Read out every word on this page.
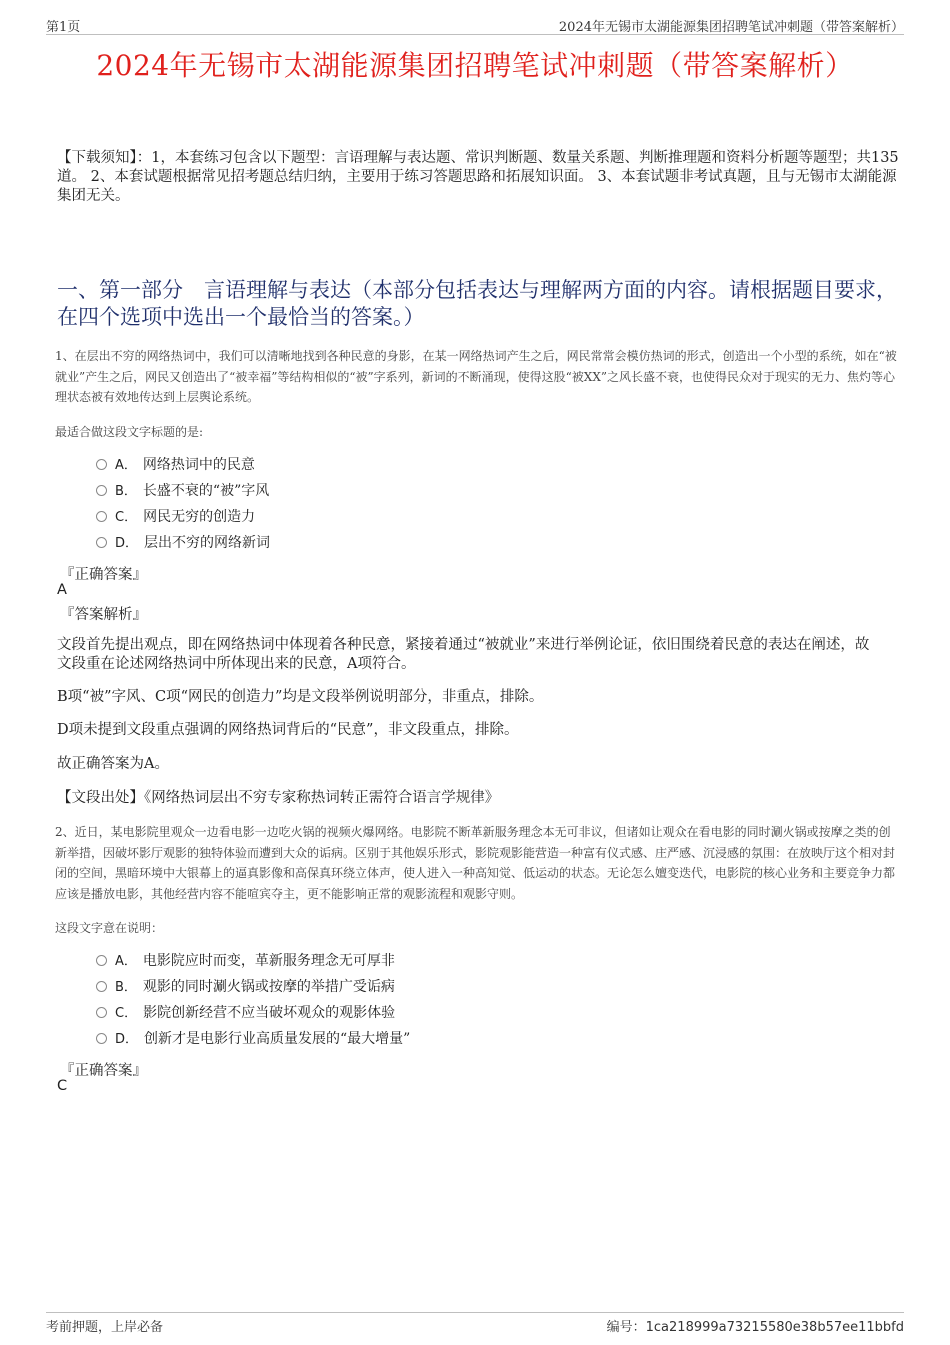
第1页	2024年无锡市太湖能源集团招聘笔试冲刺题（带答案解析）
2024年无锡市太湖能源集团招聘笔试冲刺题（带答案解析）
【下载须知】：1，本套练习包含以下题型：言语理解与表达题、常识判断题、数量关系题、判断推理题和资料分析题等题型；共135道。 2、本套试题根据常见招考题总结归纳，主要用于练习答题思路和拓展知识面。 3、本套试题非考试真题，且与无锡市太湖能源集团无关。
一、第一部分　言语理解与表达（本部分包括表达与理解两方面的内容。请根据题目要求，在四个选项中选出一个最恰当的答案。）
1、在层出不穷的网络热词中，我们可以清晰地找到各种民意的身影，在某一网络热词产生之后，网民常常会模仿热词的形式，创造出一个小型的系统，如在“被就业”产生之后，网民又创造出了“被幸福”等结构相似的“被”字系列，新词的不断涌现，使得这股“被XX”之风长盛不衰，也使得民众对于现实的无力、焦灼等心理状态被有效地传达到上层舆论系统。
最适合做这段文字标题的是:
A． 网络热词中的民意
B． 长盛不衰的“被”字风
C． 网民无穷的创造力
D． 层出不穷的网络新词
『正确答案』
A
『答案解析』
文段首先提出观点，即在网络热词中体现着各种民意，紧接着通过“被就业”来进行举例论证，依旧围绕着民意的表达在阐述，故文段重在论述网络热词中所体现出来的民意，A项符合。
B项“被”字风、C项“网民的创造力”均是文段举例说明部分，非重点，排除。
D项未提到文段重点强调的网络热词背后的“民意”，非文段重点，排除。
故正确答案为A。
【文段出处】《网络热词层出不穷专家称热词转正需符合语言学规律》
2、近日，某电影院里观众一边看电影一边吃火锅的视频火爆网络。电影院不断革新服务理念本无可非议，但诸如让观众在看电影的同时涮火锅或按摩之类的创新举措，因破坏影厅观影的独特体验而遭到大众的诟病。区别于其他娱乐形式，影院观影能营造一种富有仪式感、庄严感、沉浸感的氛围：在放映厅这个相对封闭的空间，黑暗环境中大银幕上的逼真影像和高保真环绕立体声，使人进入一种高知觉、低运动的状态。无论怎么嬗变迭代，电影院的核心业务和主要竞争力都应该是播放电影，其他经营内容不能喧宾夺主，更不能影响正常的观影流程和观影守则。
这段文字意在说明：
A． 电影院应时而变，革新服务理念无可厚非
B． 观影的同时涮火锅或按摩的举措广受诟病
C． 影院创新经营不应当破坏观众的观影体验
D． 创新才是电影行业高质量发展的“最大增量”
『正确答案』
C
考前押题，上岸必备	编号：1ca218999a73215580e38b57ee11bbfd
